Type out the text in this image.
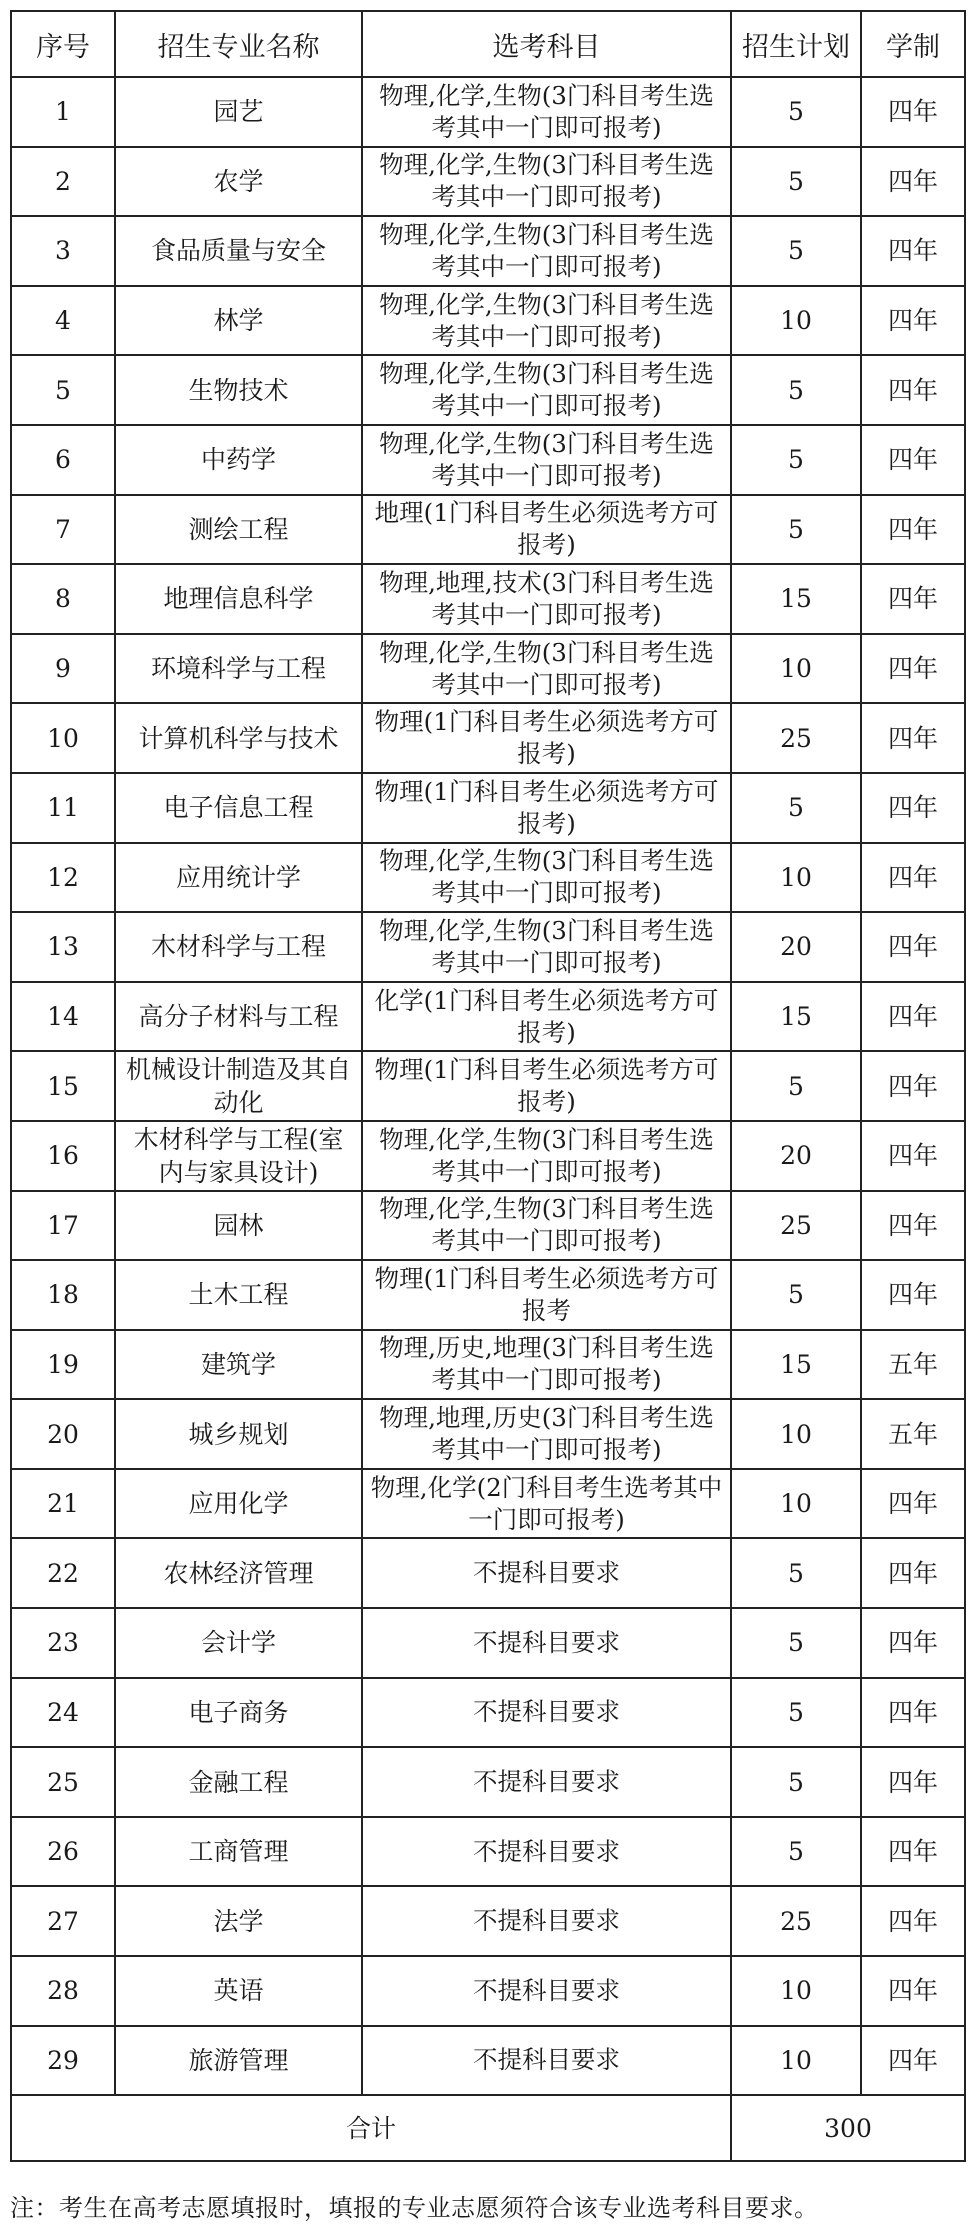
序号	招生专业名称	选考科目	招生计划	学制
1	园艺	物理,化学,生物(3门科目考生选考其中一门即可报考)	5	四年
2	农学	物理,化学,生物(3门科目考生选考其中一门即可报考)	5	四年
3	食品质量与安全	物理,化学,生物(3门科目考生选考其中一门即可报考)	5	四年
4	林学	物理,化学,生物(3门科目考生选考其中一门即可报考)	10	四年
5	生物技术	物理,化学,生物(3门科目考生选考其中一门即可报考)	5	四年
6	中药学	物理,化学,生物(3门科目考生选考其中一门即可报考)	5	四年
7	测绘工程	地理(1门科目考生必须选考方可报考)	5	四年
8	地理信息科学	物理,地理,技术(3门科目考生选考其中一门即可报考)	15	四年
9	环境科学与工程	物理,化学,生物(3门科目考生选考其中一门即可报考)	10	四年
10	计算机科学与技术	物理(1门科目考生必须选考方可报考)	25	四年
11	电子信息工程	物理(1门科目考生必须选考方可报考)	5	四年
12	应用统计学	物理,化学,生物(3门科目考生选考其中一门即可报考)	10	四年
13	木材科学与工程	物理,化学,生物(3门科目考生选考其中一门即可报考)	20	四年
14	高分子材料与工程	化学(1门科目考生必须选考方可报考)	15	四年
15	机械设计制造及其自动化	物理(1门科目考生必须选考方可报考)	5	四年
16	木材科学与工程(室内与家具设计)	物理,化学,生物(3门科目考生选考其中一门即可报考)	20	四年
17	园林	物理,化学,生物(3门科目考生选考其中一门即可报考)	25	四年
18	土木工程	物理(1门科目考生必须选考方可报考	5	四年
19	建筑学	物理,历史,地理(3门科目考生选考其中一门即可报考)	15	五年
20	城乡规划	物理,地理,历史(3门科目考生选考其中一门即可报考)	10	五年
21	应用化学	物理,化学(2门科目考生选考其中一门即可报考)	10	四年
22	农林经济管理	不提科目要求	5	四年
23	会计学	不提科目要求	5	四年
24	电子商务	不提科目要求	5	四年
25	金融工程	不提科目要求	5	四年
26	工商管理	不提科目要求	5	四年
27	法学	不提科目要求	25	四年
28	英语	不提科目要求	10	四年
29	旅游管理	不提科目要求	10	四年
合计			300	
注：考生在高考志愿填报时，填报的专业志愿须符合该专业选考科目要求。
